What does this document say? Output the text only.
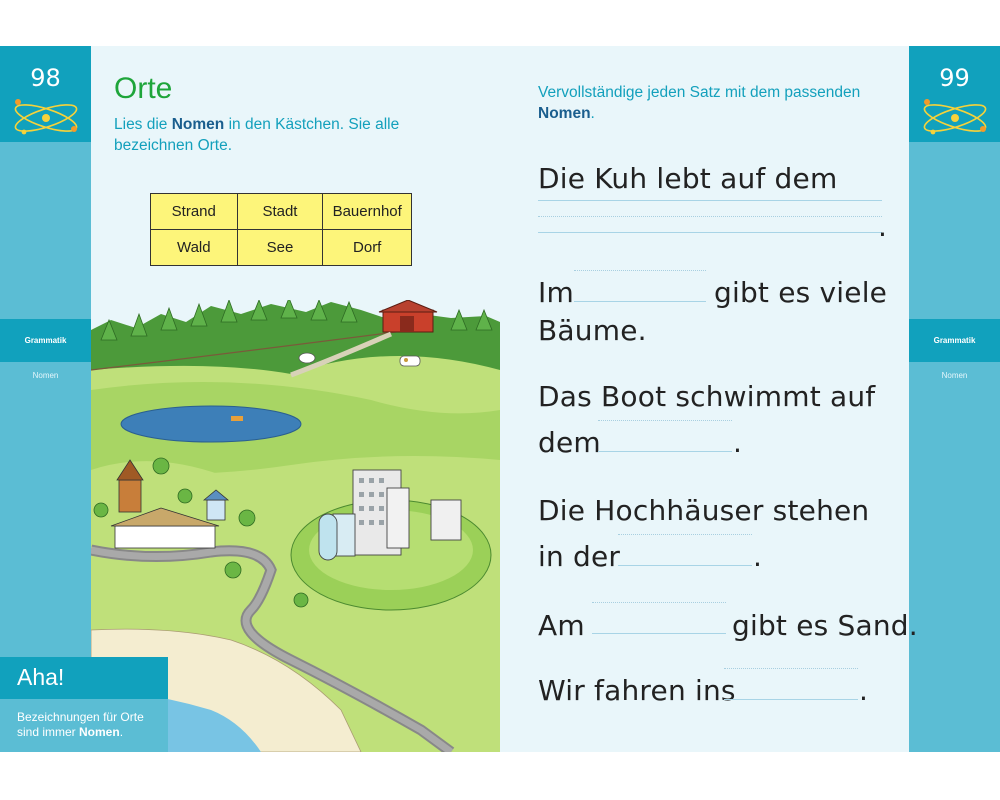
98
Grammatik
Nomen
99
Grammatik
Nomen
Orte
Lies die Nomen in den Kästchen. Sie alle bezeichnen Orte.
Strand	Stadt	Bauernhof
Wald	See	Dorf
Aha!
Bezeichnungen für Orte sind immer Nomen.
Vervollständige jeden Satz mit dem passenden Nomen.
Die Kuh lebt auf dem
.
Im	gibt es viele
Bäume.
Das Boot schwimmt auf
dem	.
Die Hochhäuser stehen
in der	.
Am	gibt es Sand.
Wir fahren ins	.
